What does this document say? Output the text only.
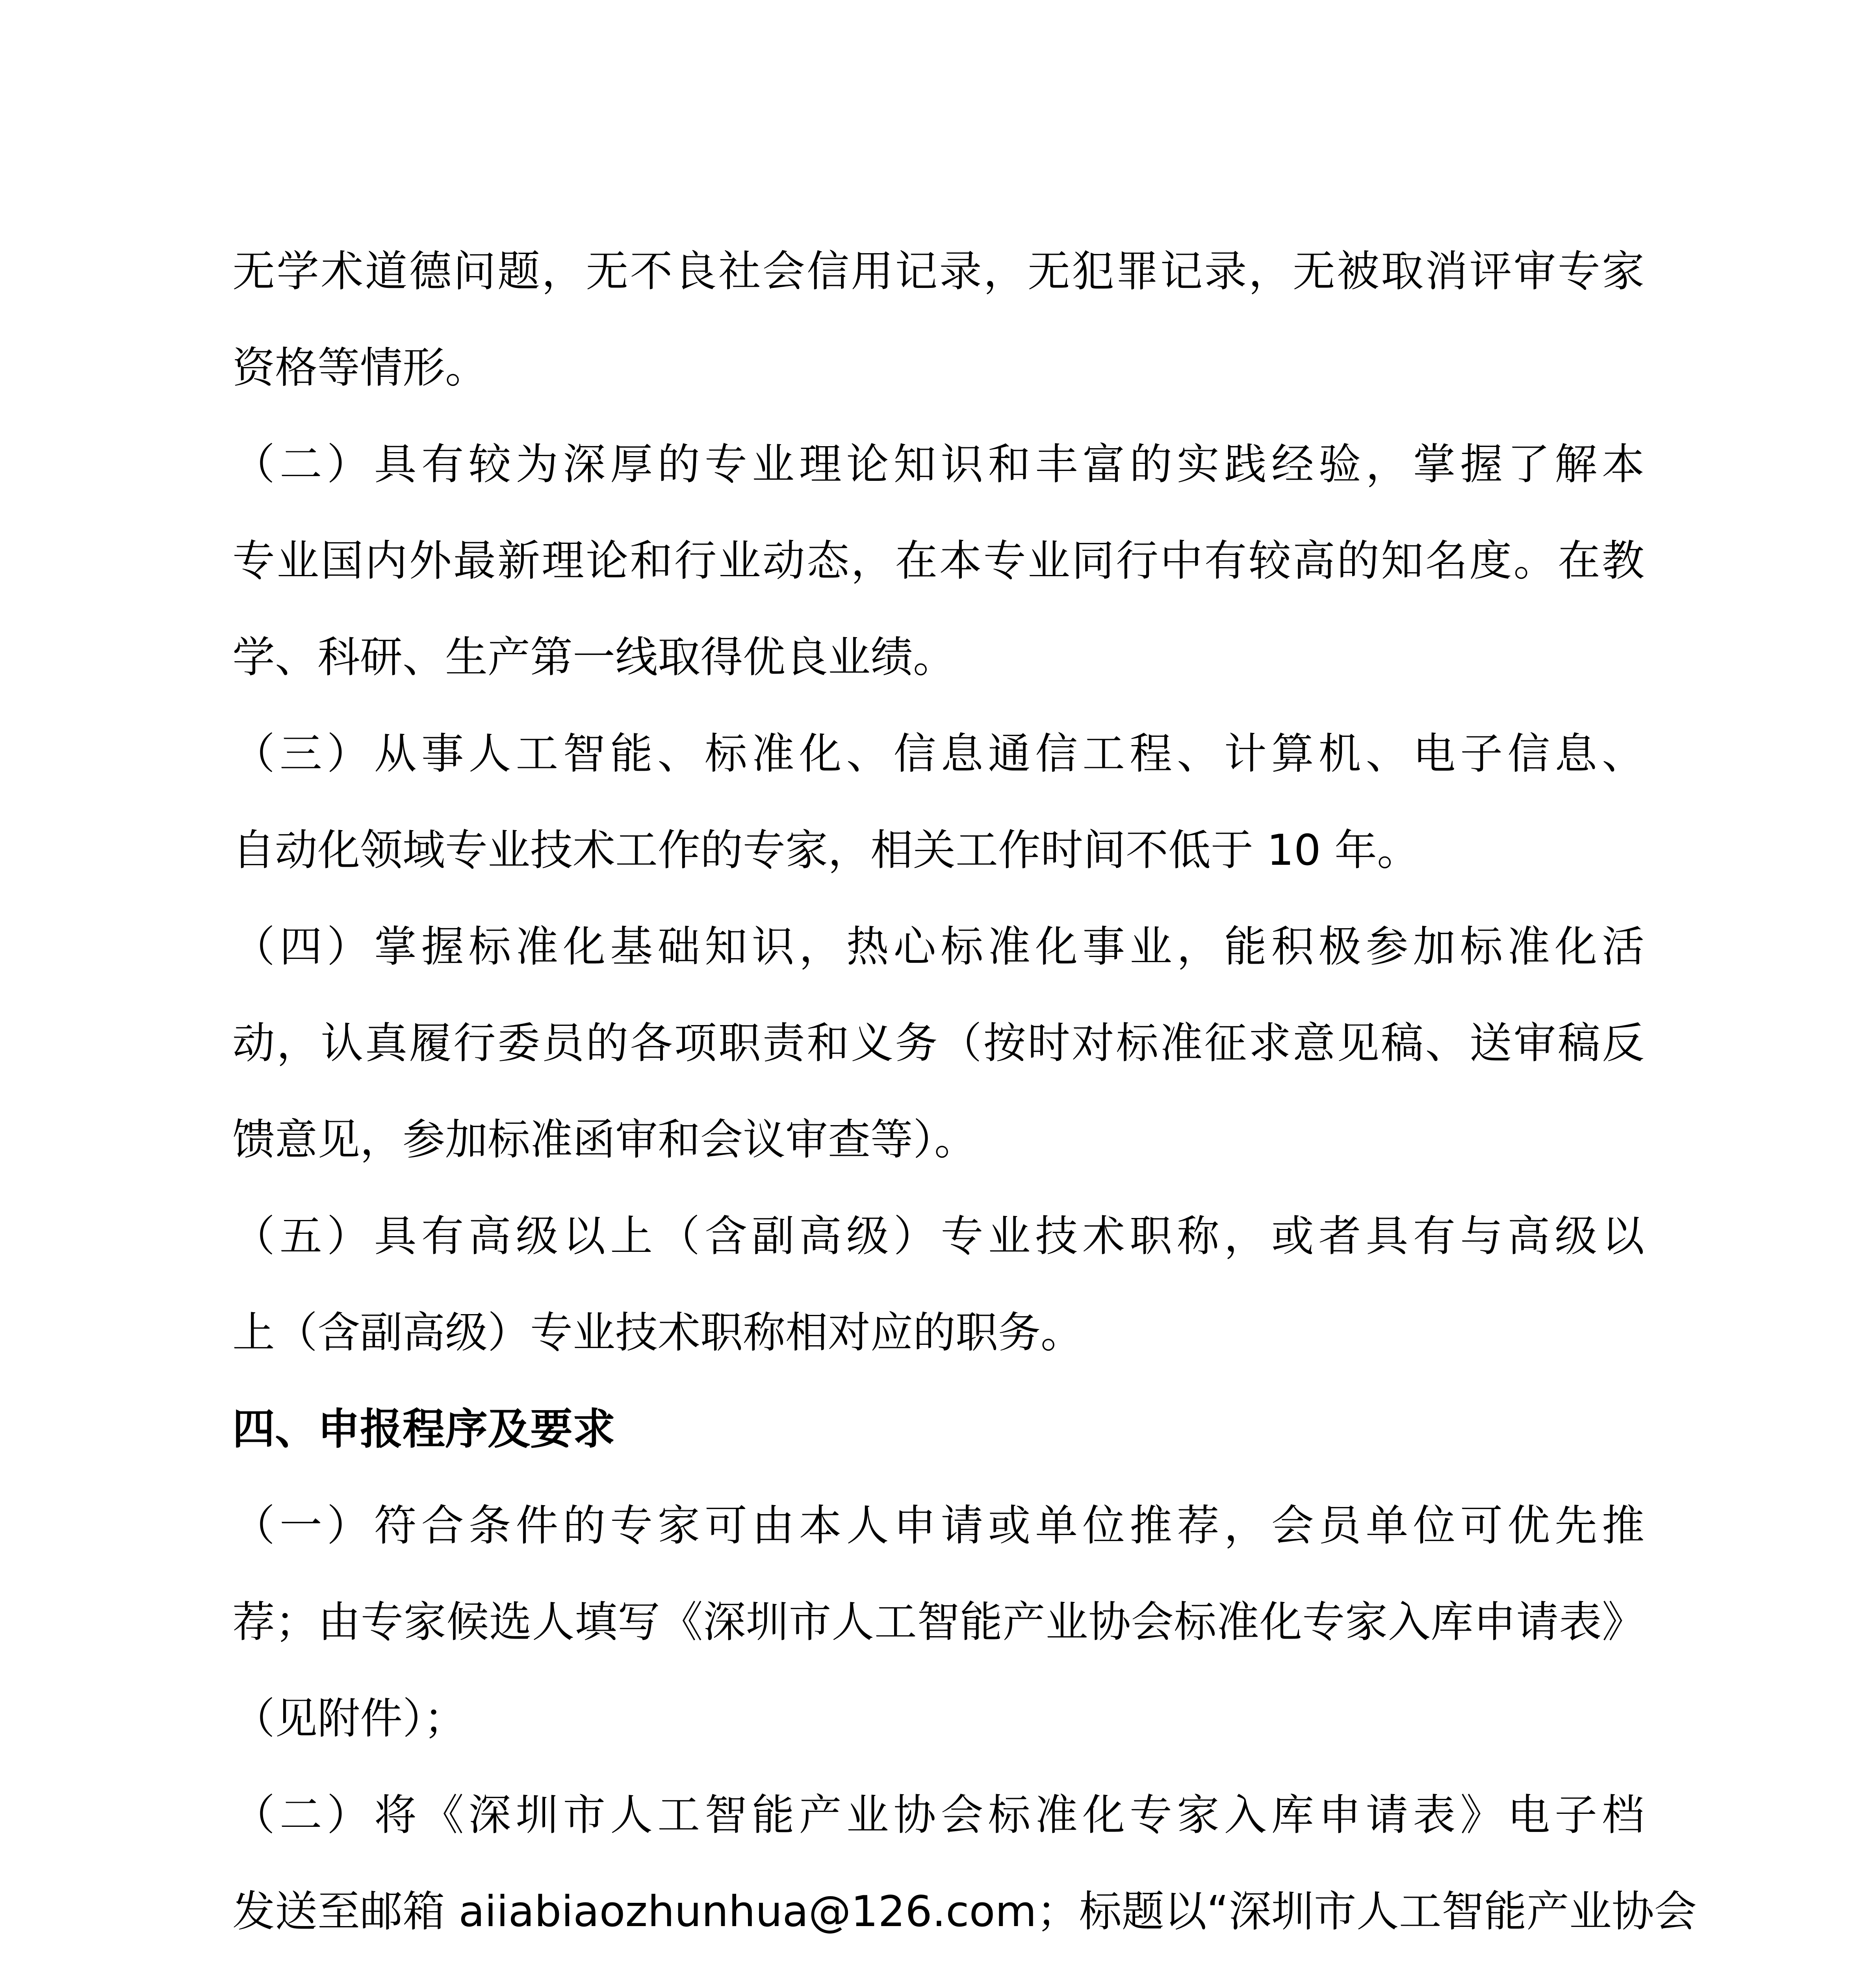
无学术道德问题，无不良社会信用记录，无犯罪记录，无被取消评审专家
资格等情形。
（二）具有较为深厚的专业理论知识和丰富的实践经验，掌握了解本
专业国内外最新理论和行业动态，在本专业同行中有较高的知名度。在教
学、科研、生产第一线取得优良业绩。
（三）从事人工智能、标准化、信息通信工程、计算机、电子信息、
自动化领域专业技术工作的专家，相关工作时间不低于 10 年。
（四）掌握标准化基础知识，热心标准化事业，能积极参加标准化活
动，认真履行委员的各项职责和义务（按时对标准征求意见稿、送审稿反
馈意见，参加标准函审和会议审查等）。
（五）具有高级以上（含副高级）专业技术职称，或者具有与高级以
上（含副高级）专业技术职称相对应的职务。
四、申报程序及要求
（一）符合条件的专家可由本人申请或单位推荐，会员单位可优先推
荐；由专家候选人填写《深圳市人工智能产业协会标准化专家入库申请表》
（见附件）；
（二）将《深圳市人工智能产业协会标准化专家入库申请表》电子档
发送至邮箱 aiiabiaozhunhua@126.com；标题以“深圳市人工智能产业协会
